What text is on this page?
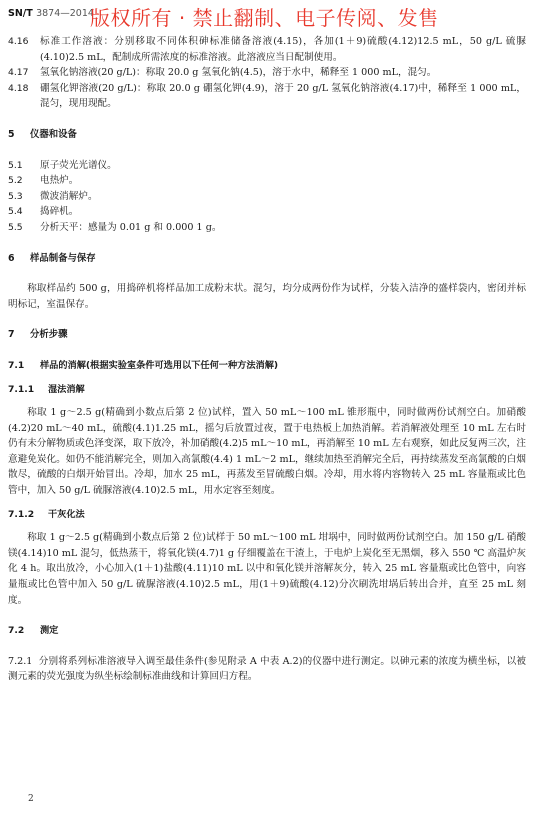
SN/T 3874—2014
版权所有 · 禁止翻制、电子传阅、发售
4.16	标准工作溶液：分别移取不同体积砷标准储备溶液(4.15)，各加(1＋9)硫酸(4.12)12.5 mL，50 g/L 硫脲(4.10)2.5 mL，配制成所需浓度的标准溶液。此溶液应当日配制使用。
4.17	氢氧化钠溶液(20 g/L)：称取 20.0 g 氢氧化钠(4.5)，溶于水中，稀释至 1 000 mL，混匀。
4.18	硼氢化钾溶液(20 g/L)：称取 20.0 g 硼氢化钾(4.9)，溶于 20 g/L 氢氧化钠溶液(4.17)中，稀释至 1 000 mL，混匀，现用现配。

5 仪器和设备

5.1	原子荧光光谱仪。
5.2	电热炉。
5.3	微波消解炉。
5.4	捣碎机。
5.5	分析天平：感量为 0.01 g 和 0.000 1 g。

6 样品制备与保存

称取样品约 500 g，用捣碎机将样品加工成粉末状。混匀，均分成两份作为试样，分装入洁净的盛样袋内，密闭并标明标记，室温保存。

7 分析步骤

7.1 样品的消解(根据实验室条件可选用以下任何一种方法消解)

7.1.1 湿法消解

称取 1 g～2.5 g(精确到小数点后第 2 位)试样，置入 50 mL～100 mL 锥形瓶中，同时做两份试剂空白。加硝酸(4.2)20 mL～40 mL，硫酸(4.1)1.25 mL，摇匀后放置过夜，置于电热板上加热消解。若消解液处理至 10 mL 左右时仍有未分解物质或色泽变深，取下放冷，补加硝酸(4.2)5 mL～10 mL，再消解至 10 mL 左右观察，如此反复两三次，注意避免炭化。如仍不能消解完全，则加入高氯酸(4.4) 1 mL～2 mL，继续加热至消解完全后，再持续蒸发至高氯酸的白烟散尽，硫酸的白烟开始冒出。冷却，加水 25 mL，再蒸发至冒硫酸白烟。冷却，用水将内容物转入 25 mL 容量瓶或比色管中，加入 50 g/L 硫脲溶液(4.10)2.5 mL，用水定容至刻度。

7.1.2 干灰化法

称取 1 g～2.5 g(精确到小数点后第 2 位)试样于 50 mL～100 mL 坩埚中，同时做两份试剂空白。加 150 g/L 硝酸镁(4.14)10 mL 混匀，低热蒸干，将氧化镁(4.7)1 g 仔细覆盖在干渣上，于电炉上炭化至无黑烟，移入 550 ℃ 高温炉灰化 4 h。取出放冷，小心加入(1＋1)盐酸(4.11)10 mL 以中和氧化镁并溶解灰分，转入 25 mL 容量瓶或比色管中，向容量瓶或比色管中加入 50 g/L 硫脲溶液(4.10)2.5 mL，用(1＋9)硫酸(4.12)分次刷洗坩埚后转出合并，直至 25 mL 刻度。

7.2 测定

7.2.1 分别将系列标准溶液导入调至最佳条件(参见附录 A 中表 A.2)的仪器中进行测定。以砷元素的浓度为横坐标，以被测元素的荧光强度为纵坐标绘制标准曲线和计算回归方程。

2
